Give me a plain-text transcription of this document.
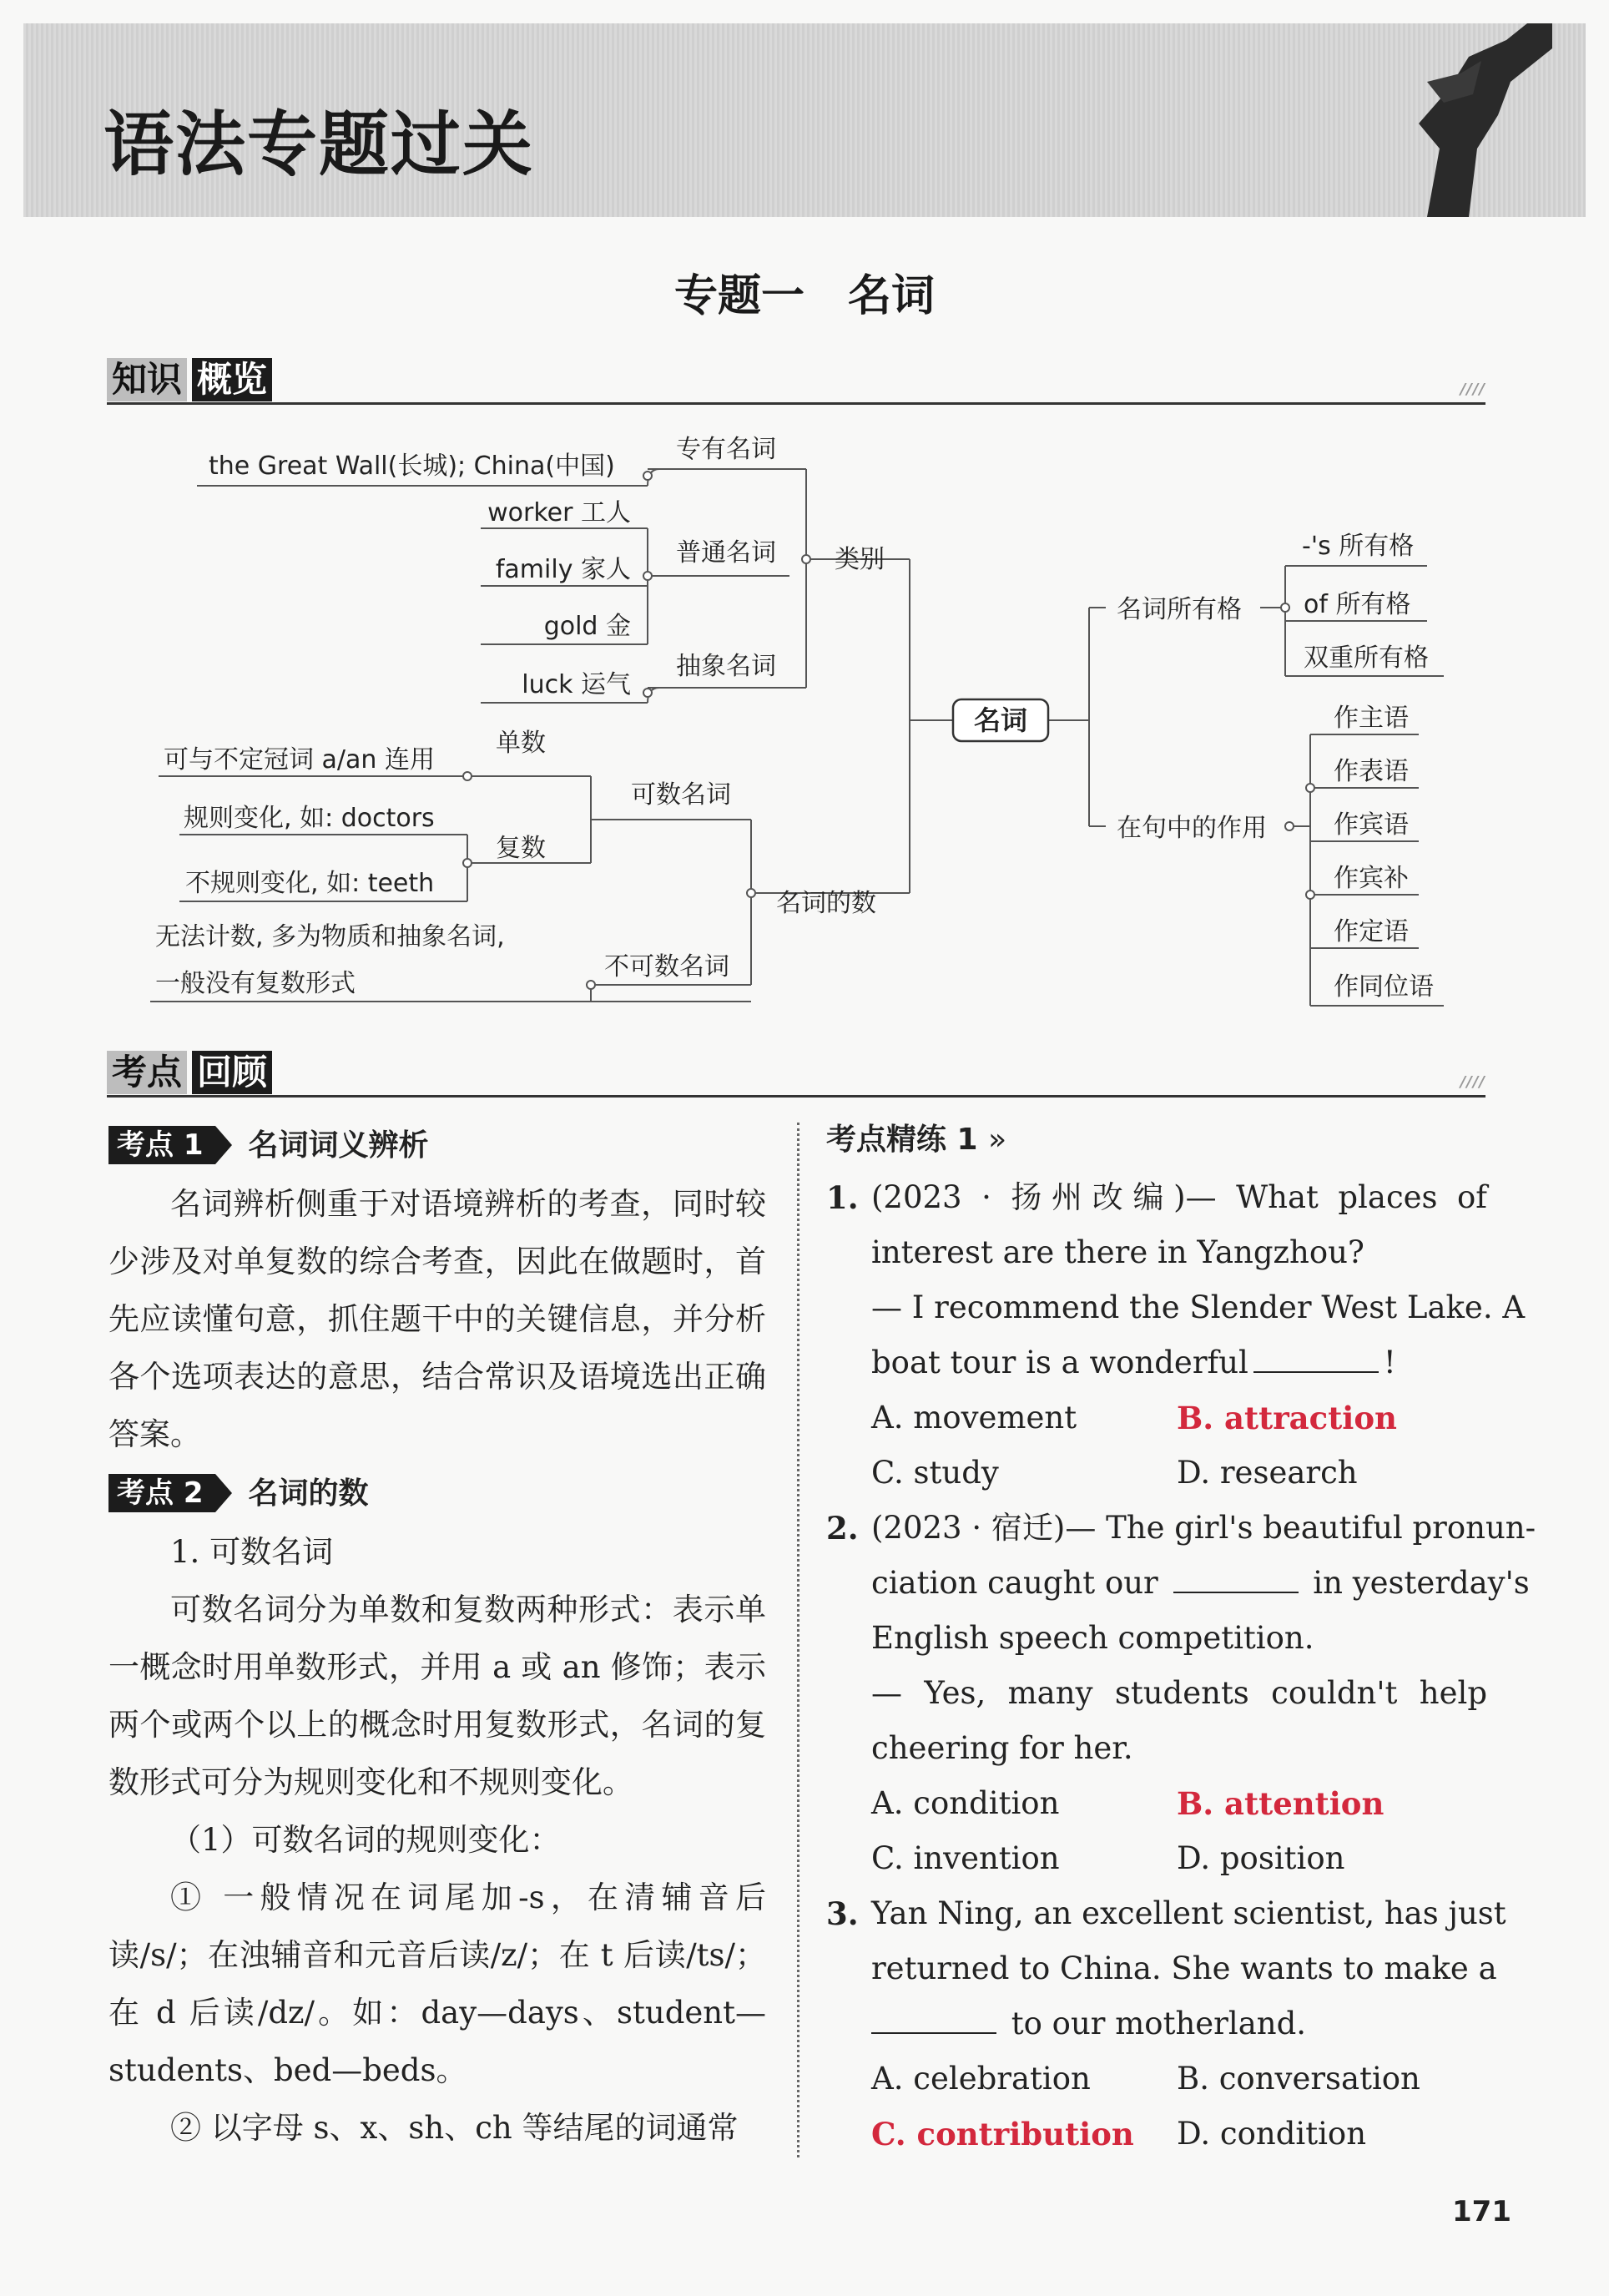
语法专题过关
专题一　名词
知识 概览	////
名词
类别
专有名词
the Great Wall(长城); China(中国)
普通名词
worker 工人
family 家人
gold 金
抽象名词
luck 运气
名词的数
可数名词
单数
可与不定冠词 a/an 连用
复数
规则变化, 如: doctors
不规则变化, 如: teeth
不可数名词
无法计数, 多为物质和抽象名词,
一般没有复数形式
名词所有格
-'s 所有格
of 所有格
双重所有格
在句中的作用
作主语
作表语
作宾语
作宾补
作定语
作同位语
考点 回顾	////
考点 1	名词词义辨析

名词辨析侧重于对语境辨析的考查，同时较少涉及对单复数的综合考查，因此在做题时，首先应读懂句意，抓住题干中的关键信息，并分析各个选项表达的意思，结合常识及语境选出正确答案。

考点 2	名词的数

1. 可数名词

可数名词分为单数和复数两种形式：表示单一概念时用单数形式，并用 a 或 an 修饰；表示两个或两个以上的概念时用复数形式，名词的复数形式可分为规则变化和不规则变化。

（1）可数名词的规则变化：

① 一般情况在词尾加-s，在清辅音后读/s/；在浊辅音和元音后读/z/；在 t 后读/ts/；在 d 后读/dz/。如：day—days、student—students、bed—beds。

② 以字母 s、x、sh、ch 等结尾的词通常

考点精练 1 »
1. (2023 · 扬州改编)— What places of
interest are there in Yangzhou?
— I recommend the Slender West Lake. A
boat tour is a wonderful	!
A. movement	B. attraction
C. study	D. research
2. (2023 · 宿迁)— The girl's beautiful pronun-
ciation caught our	in yesterday's
English speech competition.
— Yes, many students couldn't help
cheering for her.
A. condition	B. attention
C. invention	D. position
3. Yan Ning, an excellent scientist, has just
returned to China. She wants to make a
to our motherland.
A. celebration	B. conversation
C. contribution	D. condition
171
